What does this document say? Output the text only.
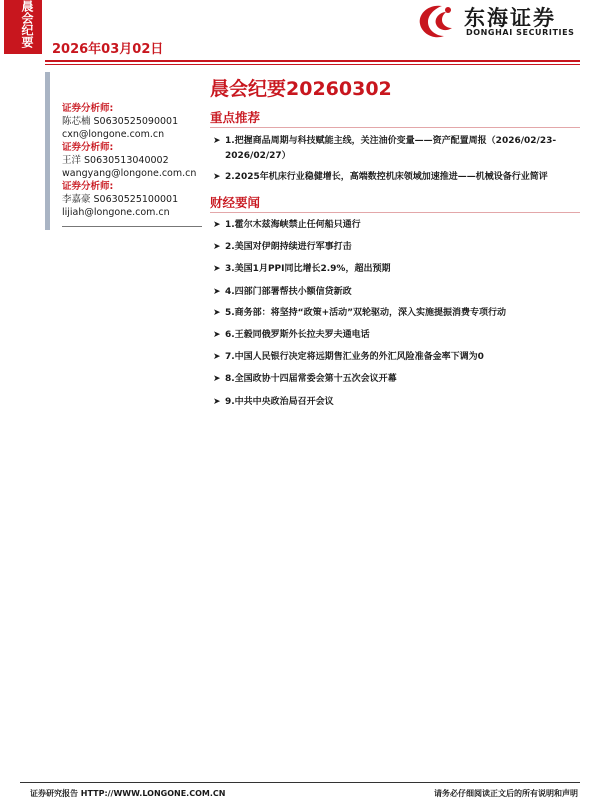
晨会纪要
2026年03月02日
东海证券
DONGHAI SECURITIES
晨会纪要20260302
证券分析师:
陈芯楠 S0630525090001
cxn@longone.com.cn
证券分析师:
王洋 S0630513040002
wangyang@longone.com.cn
证券分析师:
李嘉豪 S0630525100001
lijiah@longone.com.cn
重点推荐
➤ 1.把握商品周期与科技赋能主线，关注油价变量——资产配置周报（2026/02/23-2026/02/27）
➤ 2.2025年机床行业稳健增长，高端数控机床领域加速推进——机械设备行业简评
财经要闻
➤ 1.霍尔木兹海峡禁止任何船只通行
➤ 2.美国对伊朗持续进行军事打击
➤ 3.美国1月PPI同比增长2.9%，超出预期
➤ 4.四部门部署帮扶小额信贷新政
➤ 5.商务部：将坚持“政策+活动”双轮驱动，深入实施提振消费专项行动
➤ 6.王毅同俄罗斯外长拉夫罗夫通电话
➤ 7.中国人民银行决定将远期售汇业务的外汇风险准备金率下调为0
➤ 8.全国政协十四届常委会第十五次会议开幕
➤ 9.中共中央政治局召开会议
证券研究报告 HTTP://WWW.LONGONE.COM.CN	请务必仔细阅读正文后的所有说明和声明
